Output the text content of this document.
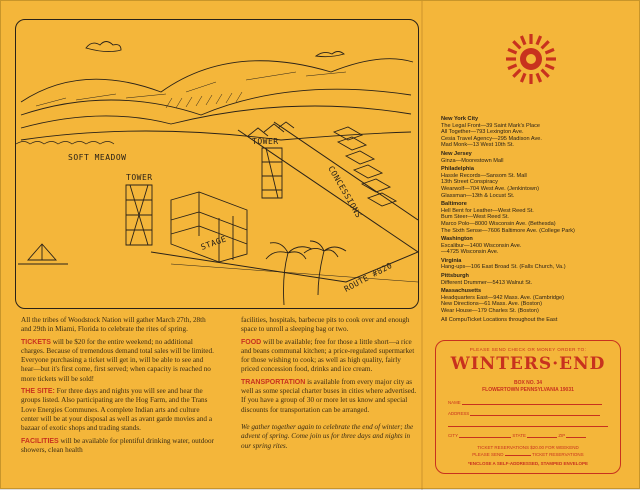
SOFT MEADOW
TOWER
TOWER
STAGE
CONCESSIONS
ROUTE #820

All the tribes of Woodstock Nation will gather March 27th, 28th and 29th in Miami, Florida to celebrate the rites of spring.

TICKETS will be $20 for the entire weekend; no additional charges. Because of tremendous demand total sales will be limited. Everyone purchasing a ticket will get in, will be able to see and hear—but it's first come, first served; when capacity is reached no more tickets will be sold!

THE SITE: For three days and nights you will see and hear the groups listed. Also participating are the Hog Farm, and the Trans Love Energies Communes. A complete Indian arts and culture center will be at your disposal as well as avant garde movies and a bazaar of exotic shops and trading stands.

FACILITIES will be available for plentiful drinking water, outdoor showers, clean health

facilities, hospitals, barbecue pits to cook over and enough space to unroll a sleeping bag or two.

FOOD will be available; free for those a little short—a rice and beans communal kitchen; a price-regulated supermarket for those wishing to cook; as well as high quality, fairly priced concession food, drinks and ice cream.

TRANSPORTATION is available from every major city as well as some special charter buses in cities where advertised. If you have a group of 30 or more let us know and special discounts for transportation can be arranged.

We gather together again to celebrate the end of winter; the advent of spring. Come join us for three days and nights in our spring rites.

New York City
The Legal Front—39 Saint Mark's Place
All Together—793 Lexington Ave.
Cesia Travel Agency—295 Madison Ave.
Mad Monk—13 West 10th St.
New Jersey
Ginza—Moorestown Mall
Philadelphia
Hassle Records—Sansom St. Mall
13th Street Conspiracy
Wearwolf—704 West Ave. (Jenkintown)
Glassman—13th & Locust St.
Baltimore
Hell Bent for Leather—West Reed St.
Bum Steer—West Reed St.
Marco Polo—8000 Wisconsin Ave. (Bethesda)
The Sixth Sense—7606 Baltimore Ave. (College Park)
Washington
Excalibur—1400 Wisconsin Ave.
—4725 Wisconsin Ave.
Virginia
Hang-ups—106 East Broad St. (Falls Church, Va.)
Pittsburgh
Different Drummer—5413 Walnut St.
Massachusetts
Headquarters East—942 Mass. Ave. (Cambridge)
New Directions—61 Mass. Ave. (Boston)
Wear House—179 Charles St. (Boston)
All CompuTicket Locations throughout the East
PLEASE SEND CHECK OR MONEY ORDER TO:
WINTERS·END
BOX NO. 34
FLOWERTOWN PENNSYLVANIA 19031
NAME
ADDRESS
CITY	STATE	ZIP
TICKET RESERVATIONS $20.00 FOR WEEKEND
PLEASE SEND	TICKET RESERVATIONS
*ENCLOSE A SELF-ADDRESSED, STAMPED ENVELOPE
